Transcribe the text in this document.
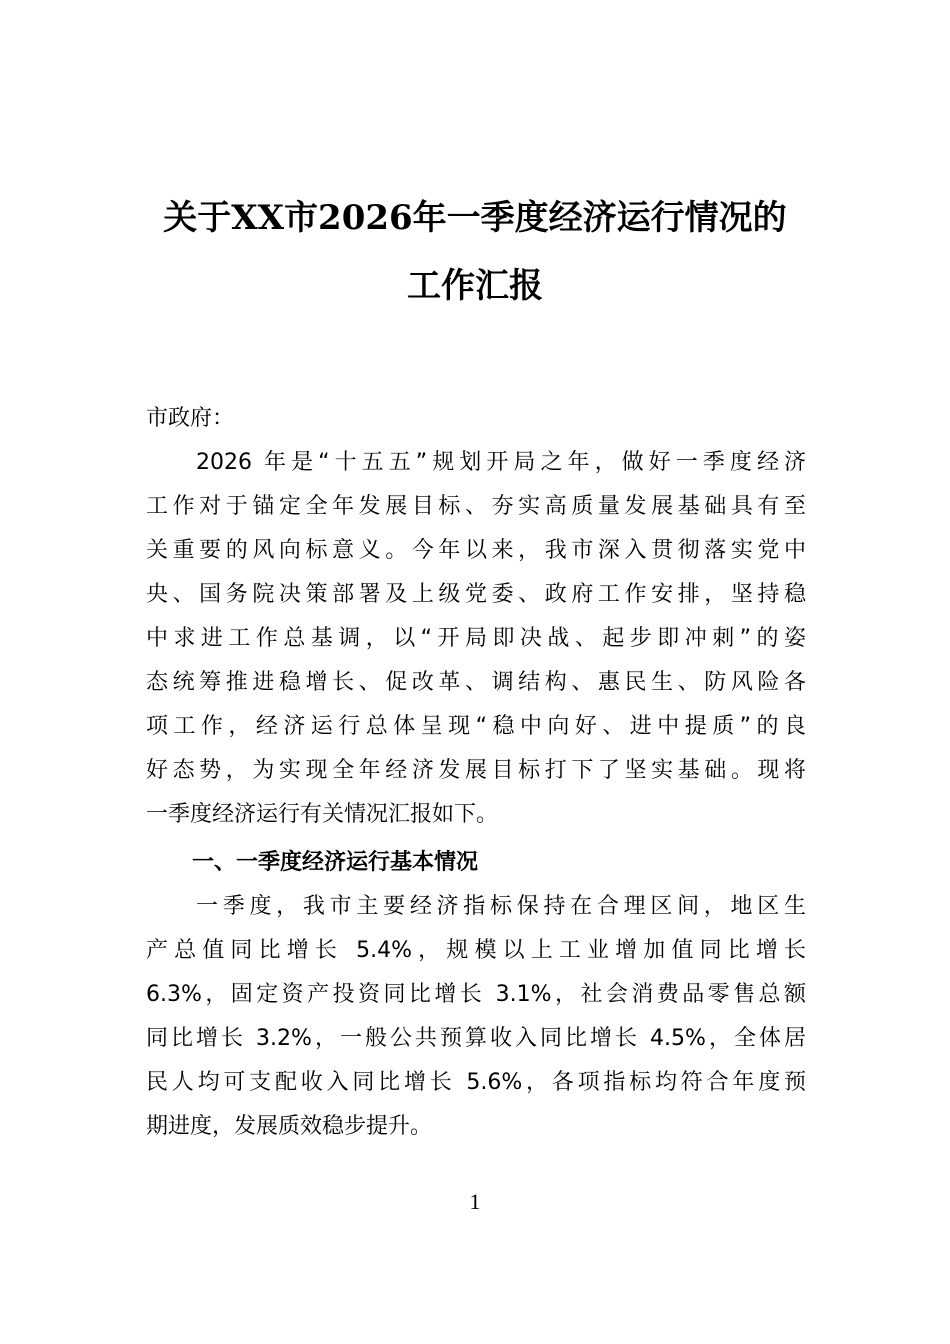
关于XX市2026年一季度经济运行情况的
工作汇报
市政府：
2026 年是“十五五”规划开局之年，做好一季度经济
工作对于锚定全年发展目标、夯实高质量发展基础具有至
关重要的风向标意义。今年以来，我市深入贯彻落实党中
央、国务院决策部署及上级党委、政府工作安排，坚持稳
中求进工作总基调，以“开局即决战、起步即冲刺”的姿
态统筹推进稳增长、促改革、调结构、惠民生、防风险各
项工作，经济运行总体呈现“稳中向好、进中提质”的良
好态势，为实现全年经济发展目标打下了坚实基础。现将
一季度经济运行有关情况汇报如下。
一、一季度经济运行基本情况
一季度，我市主要经济指标保持在合理区间，地区生
产总值同比增长 5.4%，规模以上工业增加值同比增长
6.3%，固定资产投资同比增长 3.1%，社会消费品零售总额
同比增长 3.2%，一般公共预算收入同比增长 4.5%，全体居
民人均可支配收入同比增长 5.6%，各项指标均符合年度预
期进度，发展质效稳步提升。
1
